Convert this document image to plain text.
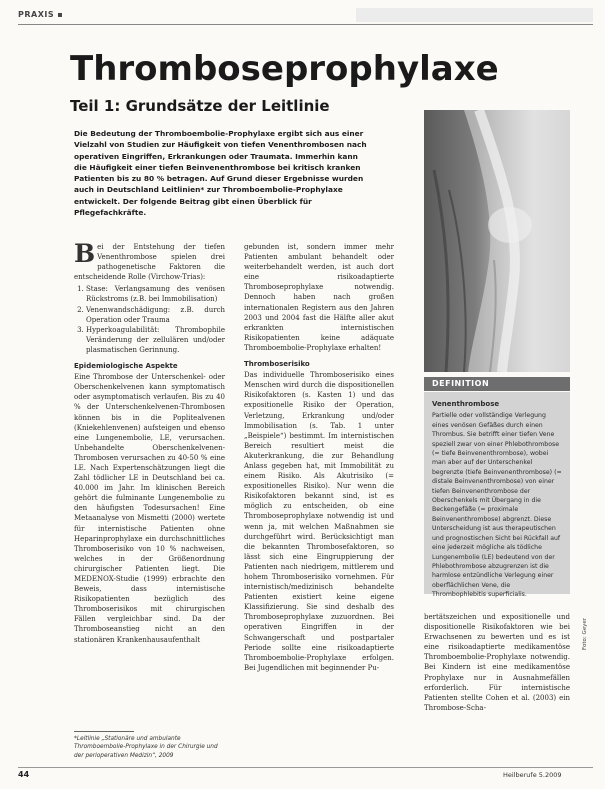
PRAXIS ▪
Thromboseprophylaxe
Teil 1: Grundsätze der Leitlinie
Die Bedeutung der Thromboembolie-Prophylaxe ergibt sich aus einer Vielzahl von Studien zur Häufigkeit von tiefen Venenthrombosen nach operativen Eingriffen, Erkrankungen oder Traumata. Immerhin kann die Häufigkeit einer tiefen Beinvenenthrombose bei kritisch kranken Patienten bis zu 80 % betragen. Auf Grund dieser Ergebnisse wurden auch in Deutschland Leitlinien* zur Thromboembolie-Prophylaxe entwickelt. Der folgende Beitrag gibt einen Überblick für Pflegefachkräfte.
DEFINITION
Venenthrombose
Partielle oder vollständige Verlegung eines venösen Gefäßes durch einen Thrombus. Sie betrifft einer tiefen Vene speziell zwar von einer Phlebothrombose (= tiefe Beinvenenthrombose), wobei man aber auf der Unterschenkel begrenzte (tiefe Beinvenenthrombose) (= distale Beinvenenthrombose) von einer tiefen Beinvenenthrombose der Oberschenkels mit Übergang in die Beckengefäße (= proximale Beinvenenthrombose) abgrenzt. Diese Unterscheidung ist aus therapeutischen und prognostischen Sicht bei Rückfall auf eine jederzeit mögliche als tödliche Lungenembolie (LE) bedeutend von der Phlebothrombose abzugrenzen ist die harmlose entzündliche Verlegung einer oberflächlichen Vene, die Thrombophlebitis superficialis.

B ei der Entstehung der tiefen Venenthrombose spielen drei pathogenetische Faktoren die entscheidende Rolle (Virchow-Trias):

1. Stase: Verlangsamung des venösen Rückstroms (z.B. bei Immobilisation)
2. Venenwandschädigung: z.B. durch Operation oder Trauma
3. Hyperkoagulabilität: Thrombophile Veränderung der zellulären und/oder plasmatischen Gerinnung.
Epidemiologische Aspekte

Eine Thrombose der Unterschenkel- oder Oberschenkelvenen kann symptomatisch oder asymptomatisch verlaufen. Bis zu 40 % der Unterschenkelvenen-Thrombosen können bis in die Poplitealvenen (Kniekehlenvenen) aufsteigen und ebenso eine Lungenembolie, LE, verursachen. Unbehandelte Oberschenkelvenen-Thrombosen verursachen zu 40-50 % eine LE. Nach Expertenschätzungen liegt die Zahl tödlicher LE in Deutschland bei ca. 40.000 im Jahr. Im klinischen Bereich gehört die fulminante Lungenembolie zu den häufigsten Todesursachen! Eine Metaanalyse von Mismetti (2000) wertete für internistische Patienten ohne Heparinprophylaxe ein durchschnittliches Thromboserisiko von 10 % nachweisen, welches in der Größenordnung chirurgischer Patienten liegt. Die MEDENOX-Studie (1999) erbrachte den Beweis, dass internistische Risikopatienten bezüglich des Thromboserisikos mit chirurgischen Fällen vergleichbar sind. Da der Thromboseanstieg nicht an den stationären Krankenhausaufenthalt

gebunden ist, sondern immer mehr Patienten ambulant behandelt oder weiterbehandelt werden, ist auch dort eine risikoadaptierte Thromboseprophylaxe notwendig. Dennoch haben nach großen internationalen Registern aus den Jahren 2003 und 2004 fast die Hälfte aller akut erkrankten internistischen Risikopatienten keine adäquate Thromboembolie-Prophylaxe erhalten!

Thromboserisiko

Das individuelle Thromboserisiko eines Menschen wird durch die dispositionellen Risikofaktoren (s. Kasten 1) und das expositionelle Risiko der Operation, Verletzung, Erkrankung und/oder Immobilisation (s. Tab. 1 unter „Beispiele“) bestimmt. Im internistischen Bereich resultiert meist die Akuterkrankung, die zur Behandlung Anlass gegeben hat, mit Immobilität zu einem Risiko. Als Akutrisiko (= expositionelles Risiko). Nur wenn die Risikofaktoren bekannt sind, ist es möglich zu entscheiden, ob eine Thromboseprophylaxe notwendig ist und wenn ja, mit welchen Maßnahmen sie durchgeführt wird. Berücksichtigt man die bekannten Thrombosefaktoren, so lässt sich eine Eingruppierung der Patienten nach niedrigem, mittlerem und hohem Thromboserisiko vornehmen. Für internistisch/medizinisch behandelte Patienten existiert keine eigene Klassifizierung. Sie sind deshalb des Thromboseprophylaxe zuzuordnen. Bei operativen Eingriffen in der Schwangerschaft und postpartaler Periode sollte eine risikoadaptierte Thromboembolie-Prophylaxe erfolgen. Bei Jugendlichen mit beginnender Pu-

bertätszeichen und expositionelle und dispositionelle Risikofaktoren wie bei Erwachsenen zu bewerten und es ist eine risikoadaptierte medikamentöse Thromboembolie-Prophylaxe notwendig. Bei Kindern ist eine medikamentöse Prophylaxe nur in Ausnahmefällen erforderlich. Für internistische Patienten stellte Cohen et al. (2003) ein Thrombose-Scha-

*Leitlinie „Stationäre und ambulante Thromboembolie-Prophylaxe in der Chirurgie und der perioperativen Medizin“, 2009
Foto: Geyer
44	Heilberufe 5.2009
